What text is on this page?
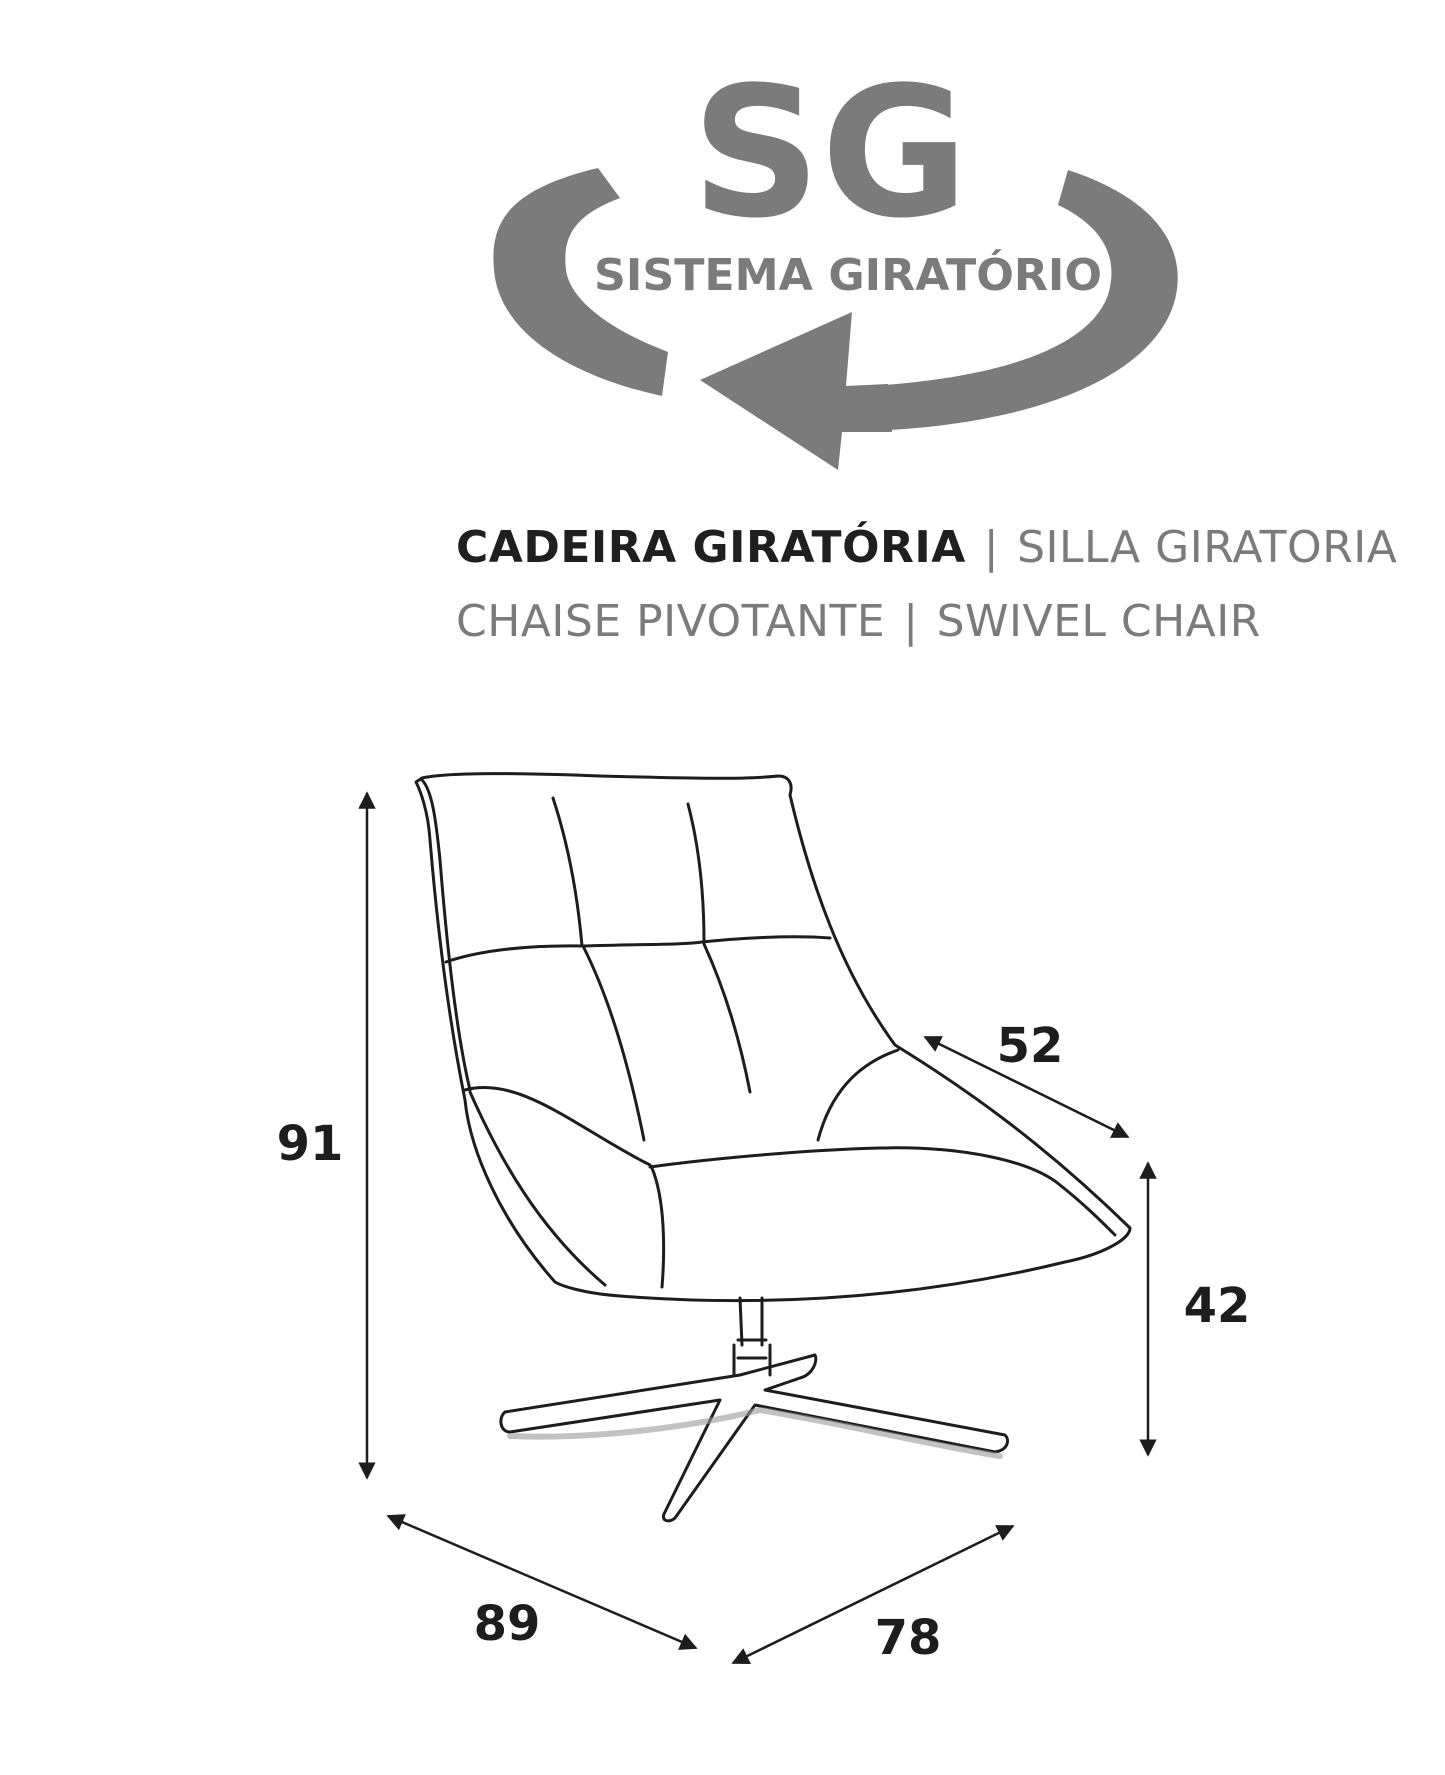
SG
SISTEMA GIRATÓRIO
CADEIRA GIRATÓRIA | SILLA GIRATORIA
CHAISE PIVOTANTE | SWIVEL CHAIR
91
52
42
89	78
